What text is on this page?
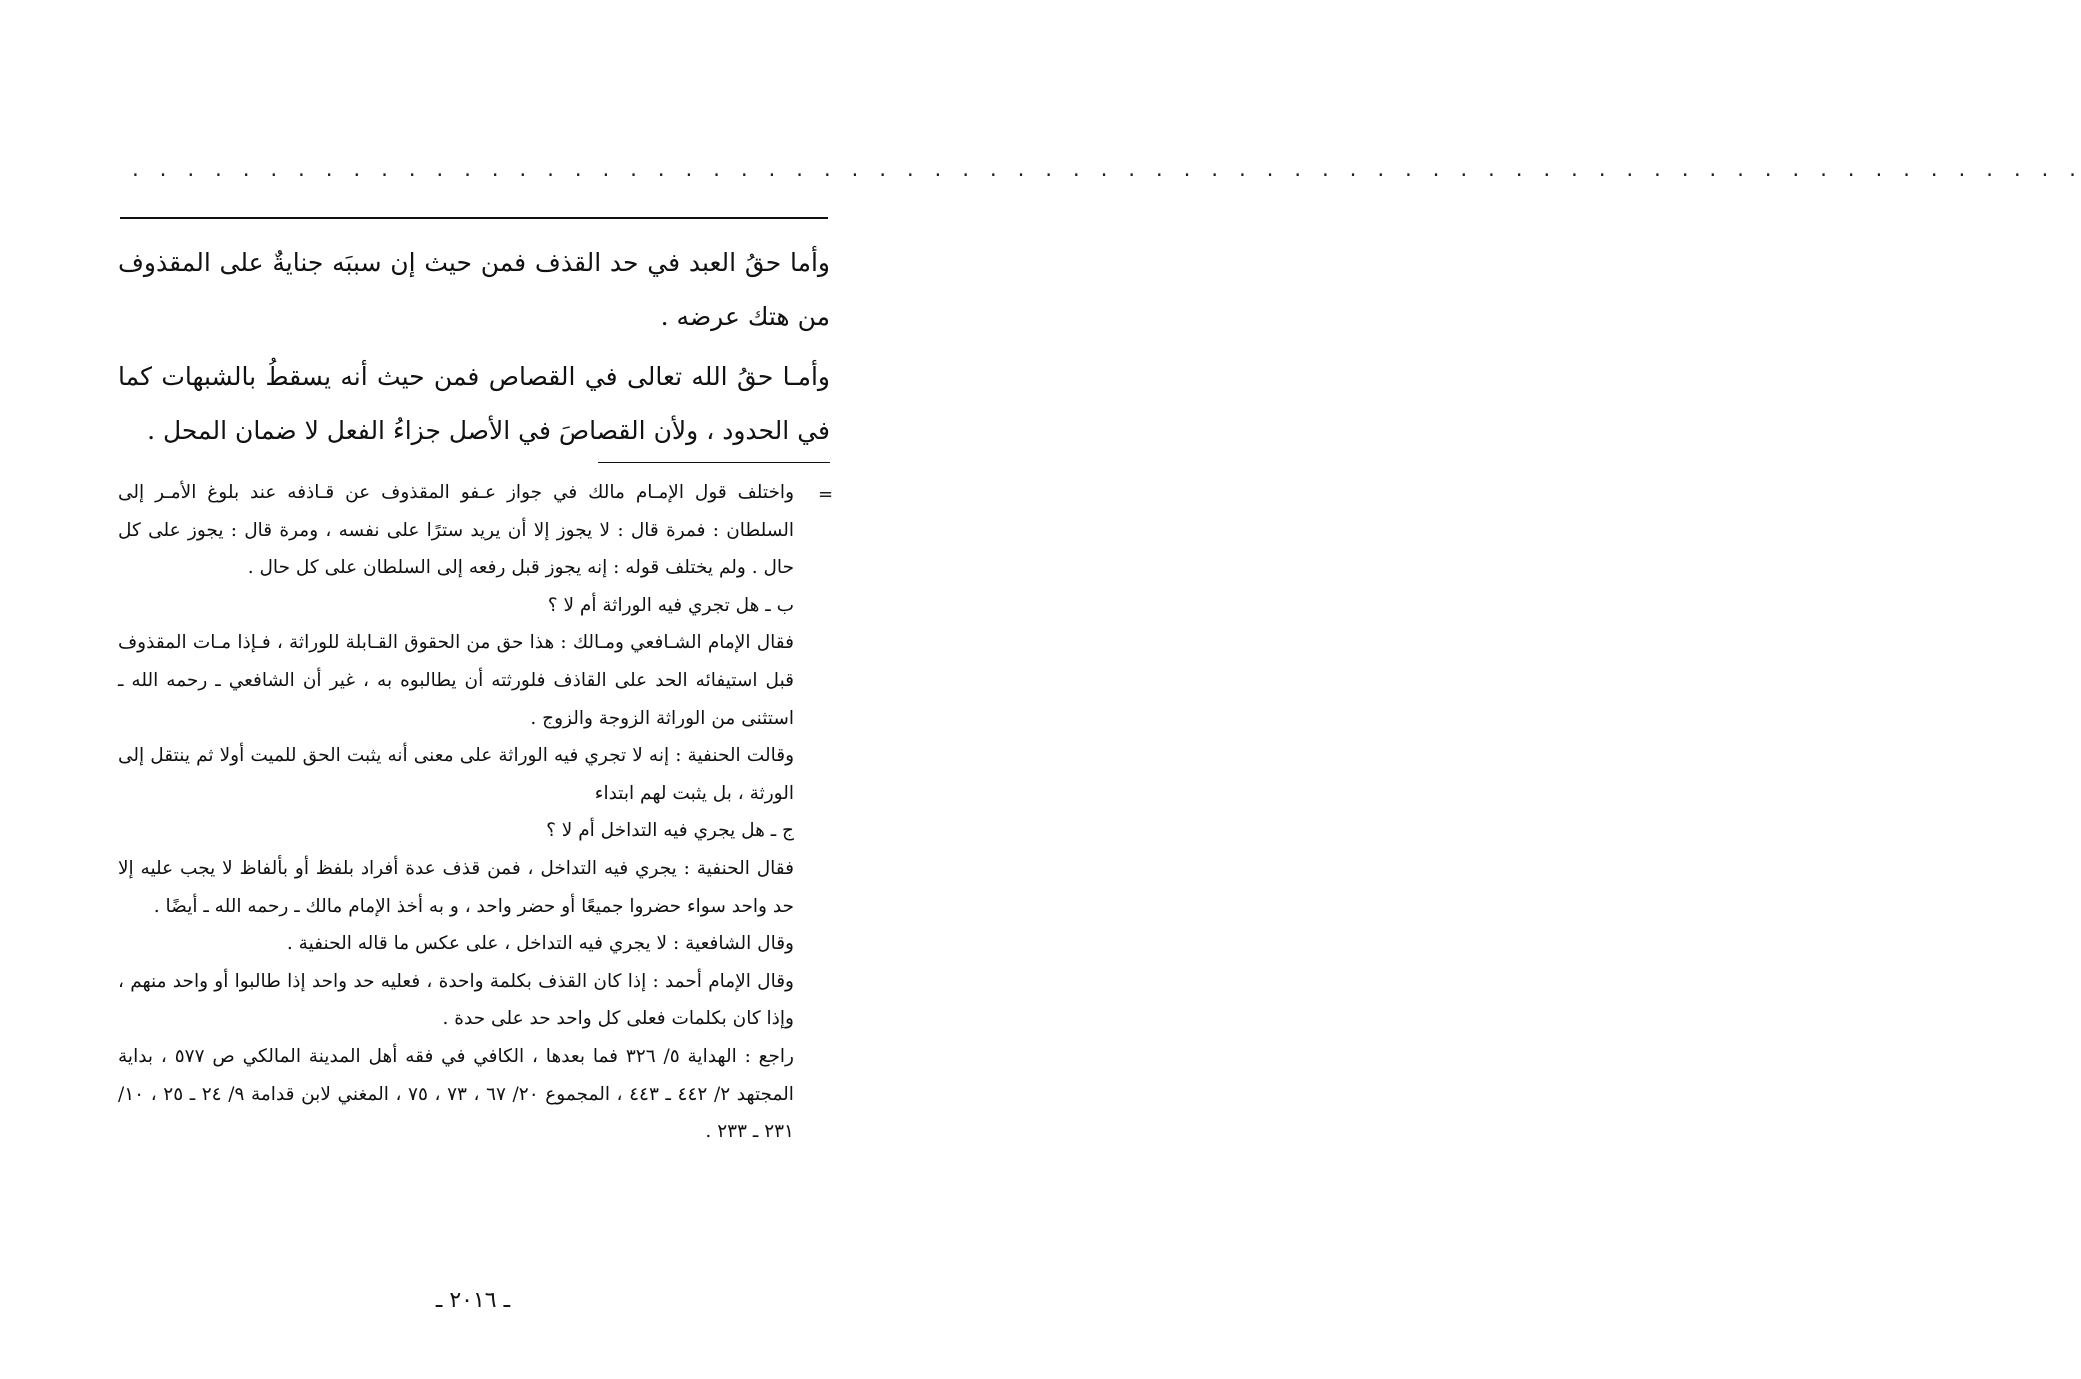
. . . . . . . . . . . . . . . . . . . . . . . . . . . . . . . . . . . . . . . . . . . . . . . . . . . . . . . . . . . . . . . . . . . . . . .

وأما حقُ العبد في حد القذف فمن حيث إن سببَه جنايةٌ على المقذوف من هتك عرضه .

وأمـا حقُ الله تعالى في القصاص فمن حيث أنه يسقطُ بالشبهات كما في الحدود ، ولأن القصاصَ في الأصل جزاءُ الفعل لا ضمان المحل .

=

واختلف قول الإمـام مالك في جواز عـفو المقذوف عن قـاذفه عند بلوغ الأمـر إلى السلطان : فمرة قال : لا يجوز إلا أن يريد سترًا على نفسه ، ومرة قال : يجوز على كل حال . ولم يختلف قوله : إنه يجوز قبل رفعه إلى السلطان على كل حال .

ب ـ هل تجري فيه الوراثة أم لا ؟

فقال الإمام الشـافعي ومـالك : هذا حق من الحقوق القـابلة للوراثة ، فـإذا مـات المقذوف قبل استيفائه الحد على القاذف فلورثته أن يطالبوه به ، غير أن الشافعي ـ رحمه الله ـ استثنى من الوراثة الزوجة والزوج .

وقالت الحنفية : إنه لا تجري فيه الوراثة على معنى أنه يثبت الحق للميت أولا ثم ينتقل إلى الورثة ، بل يثبت لهم ابتداء

ج ـ هل يجري فيه التداخل أم لا ؟

فقال الحنفية : يجري فيه التداخل ، فمن قذف عدة أفراد بلفظ أو بألفاظ لا يجب عليه إلا حد واحد سواء حضروا جميعًا أو حضر واحد ، و به أخذ الإمام مالك ـ رحمه الله ـ أيضًا .

وقال الشافعية : لا يجري فيه التداخل ، على عكس ما قاله الحنفية .

وقال الإمام أحمد : إذا كان القذف بكلمة واحدة ، فعليه حد واحد إذا طالبوا أو واحد منهم ، وإذا كان بكلمات فعلى كل واحد حد على حدة .

راجع : الهداية ٥/ ٣٢٦ فما بعدها ، الكافي في فقه أهل المدينة المالكي ص ٥٧٧ ، بداية المجتهد ٢/ ٤٤٢ ـ ٤٤٣ ، المجموع ٢٠/ ٦٧ ، ٧٣ ، ٧٥ ، المغني لابن قدامة ٩/ ٢٤ ـ ٢٥ ، ١٠/ ٢٣١ ـ ٢٣٣ .

ـ ٢٠١٦ ـ
